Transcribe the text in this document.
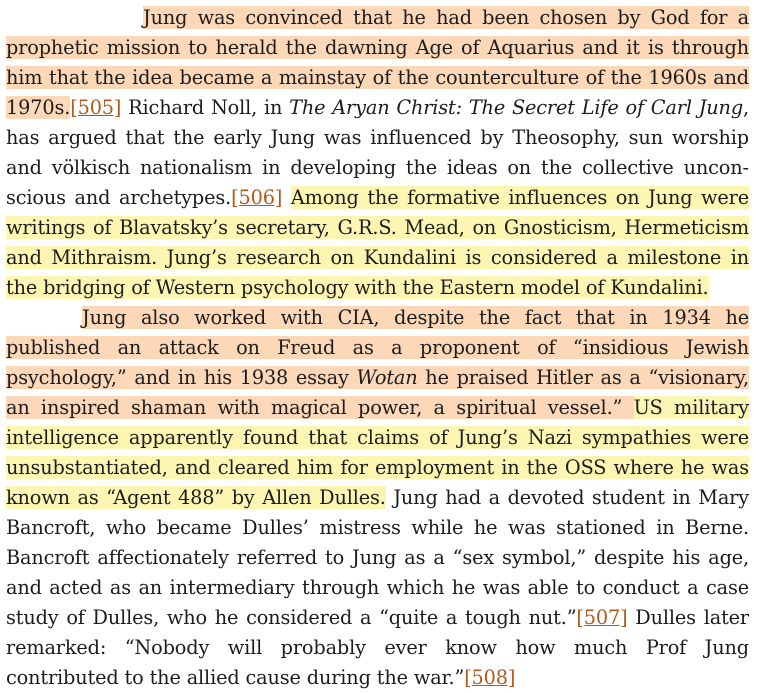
Jung was convinced that he had been chosen by God for a prophetic mission to herald the dawning Age of Aquarius and it is through him that the idea became a mainstay of the counterculture of the 1960s and 1970s.[505] Richard Noll, in The Aryan Christ: The Secret Life of Carl Jung, has argued that the early Jung was influenced by Theosophy, sun worship and völkisch nationalism in developing the ideas on the collective unconscious and archetypes.[506] Among the formative influences on Jung were writings of Blavatsky’s secretary, G.R.S. Mead, on Gnosticism, Hermeticism and Mithraism. Jung’s research on Kundalini is considered a milestone in the bridging of Western psychology with the Eastern model of Kundalini.

Jung also worked with CIA, despite the fact that in 1934 he published an attack on Freud as a proponent of “insidious Jewish psychology,” and in his 1938 essay Wotan he praised Hitler as a “visionary, an inspired shaman with magical power, a spiritual vessel.” US military intelligence apparently found that claims of Jung’s Nazi sympathies were unsubstantiated, and cleared him for employment in the OSS where he was known as “Agent 488” by Allen Dulles. Jung had a devoted student in Mary Bancroft, who became Dulles’ mistress while he was stationed in Berne. Bancroft affectionately referred to Jung as a “sex symbol,” despite his age, and acted as an intermediary through which he was able to conduct a case study of Dulles, who he considered a “quite a tough nut.”[507] Dulles later remarked: “Nobody will probably ever know how much Prof Jung contributed to the allied cause during the war.”[508]
